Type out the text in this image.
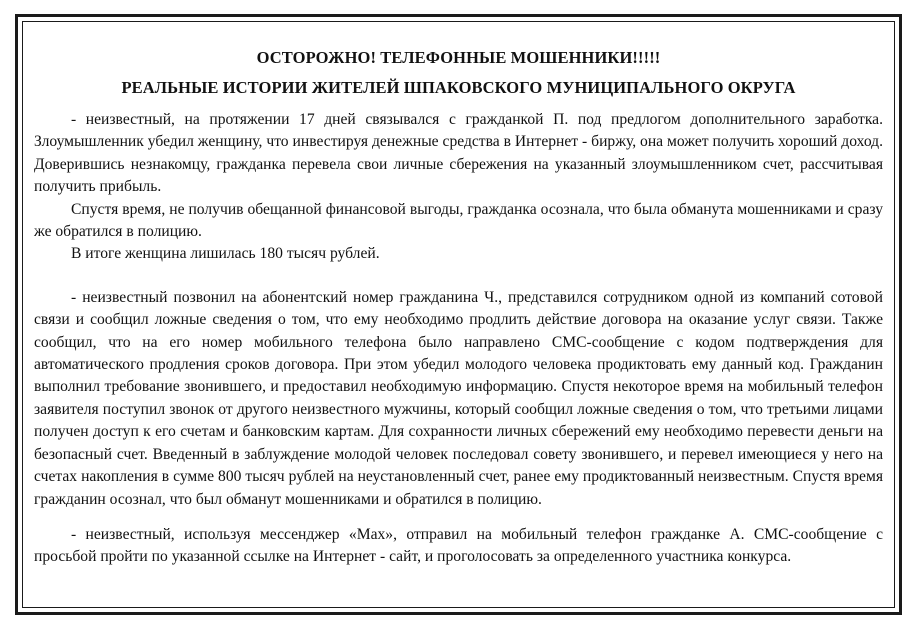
ОСТОРОЖНО! ТЕЛЕФОННЫЕ МОШЕННИКИ!!!!!

РЕАЛЬНЫЕ ИСТОРИИ ЖИТЕЛЕЙ ШПАКОВСКОГО МУНИЦИПАЛЬНОГО ОКРУГА

- неизвестный, на протяжении 17 дней связывался с гражданкой П. под предлогом дополнительного заработка. Злоумышленник убедил женщину, что инвестируя денежные средства в Интернет - биржу, она может получить хороший доход. Доверившись незнакомцу, гражданка перевела свои личные сбережения на указанный злоумышленником счет, рассчитывая получить прибыль.

Спустя время, не получив обещанной финансовой выгоды, гражданка осознала, что была обманута мошенниками и сразу же обратился в полицию.

В итоге женщина лишилась 180 тысяч рублей.

- неизвестный позвонил на абонентский номер гражданина Ч., представился сотрудником одной из компаний сотовой связи и сообщил ложные сведения о том, что ему необходимо продлить действие договора на оказание услуг связи. Также сообщил, что на его номер мобильного телефона было направлено СМС-сообщение с кодом подтверждения для автоматического продления сроков договора. При этом убедил молодого человека продиктовать ему данный код. Гражданин выполнил требование звонившего, и предоставил необходимую информацию. Спустя некоторое время на мобильный телефон заявителя поступил звонок от другого неизвестного мужчины, который сообщил ложные сведения о том, что третьими лицами получен доступ к его счетам и банковским картам. Для сохранности личных сбережений ему необходимо перевести деньги на безопасный счет. Введенный в заблуждение молодой человек последовал совету звонившего, и перевел имеющиеся у него на счетах накопления в сумме 800 тысяч рублей на неустановленный счет, ранее ему продиктованный неизвестным. Спустя время гражданин осознал, что был обманут мошенниками и обратился в полицию.

- неизвестный, используя мессенджер «Max», отправил на мобильный телефон гражданке А. СМС-сообщение с просьбой пройти по указанной ссылке на Интернет - сайт, и проголосовать за определенного участника конкурса.
